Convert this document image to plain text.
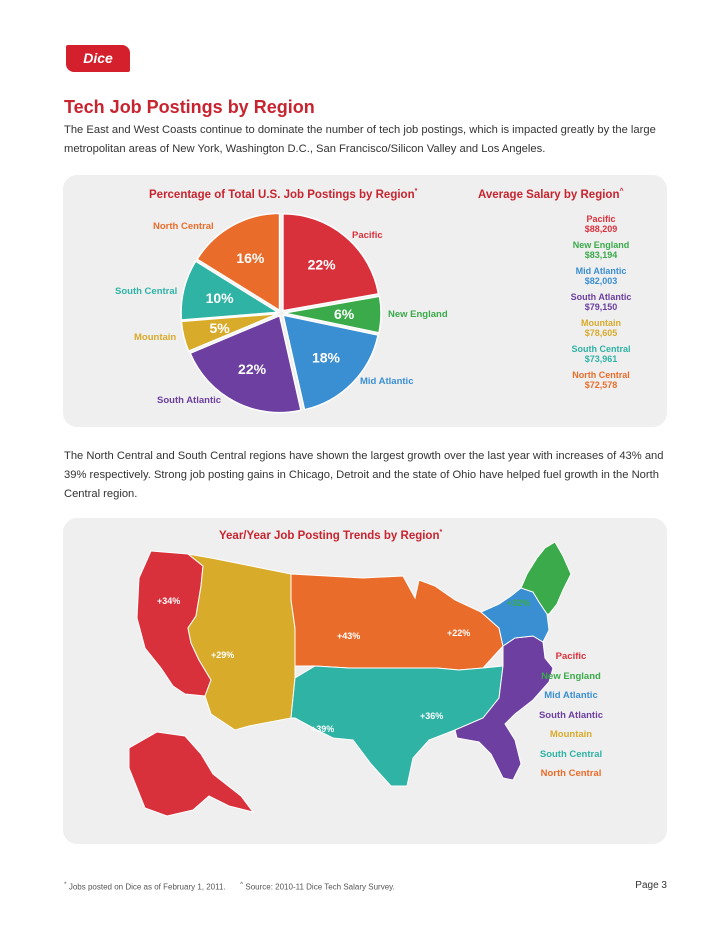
Dice
Tech Job Postings by Region

The East and West Coasts continue to dominate the number of tech job postings, which is impacted greatly by the large metropolitan areas of New York, Washington D.C., San Francisco/Silicon Valley and Los Angeles.

Percentage of Total U.S. Job Postings by Region*	Average Salary by Region^
22%
6%
18%
22%
5%
10%
16%
North Central
Pacific
South Central
New England
Mountain
Mid Atlantic
South Atlantic
Pacific
$88,209
New England
$83,194
Mid Atlantic
$82,003
South Atlantic
$79,150
Mountain
$78,605
South Central
$73,961
North Central
$72,578

The North Central and South Central regions have shown the largest growth over the last year with increases of 43% and 39% respectively. Strong job posting gains in Chicago, Detroit and the state of Ohio have helped fuel growth in the North Central region.

Year/Year Job Posting Trends by Region*
+34%
+29%
+43%
+39%
+36%
+22%
+32%
Pacific
New England
Mid Atlantic
South Atlantic
Mountain
South Central
North Central
* Jobs posted on Dice as of February 1, 2011. ^ Source: 2010-11 Dice Tech Salary Survey.	Page 3
